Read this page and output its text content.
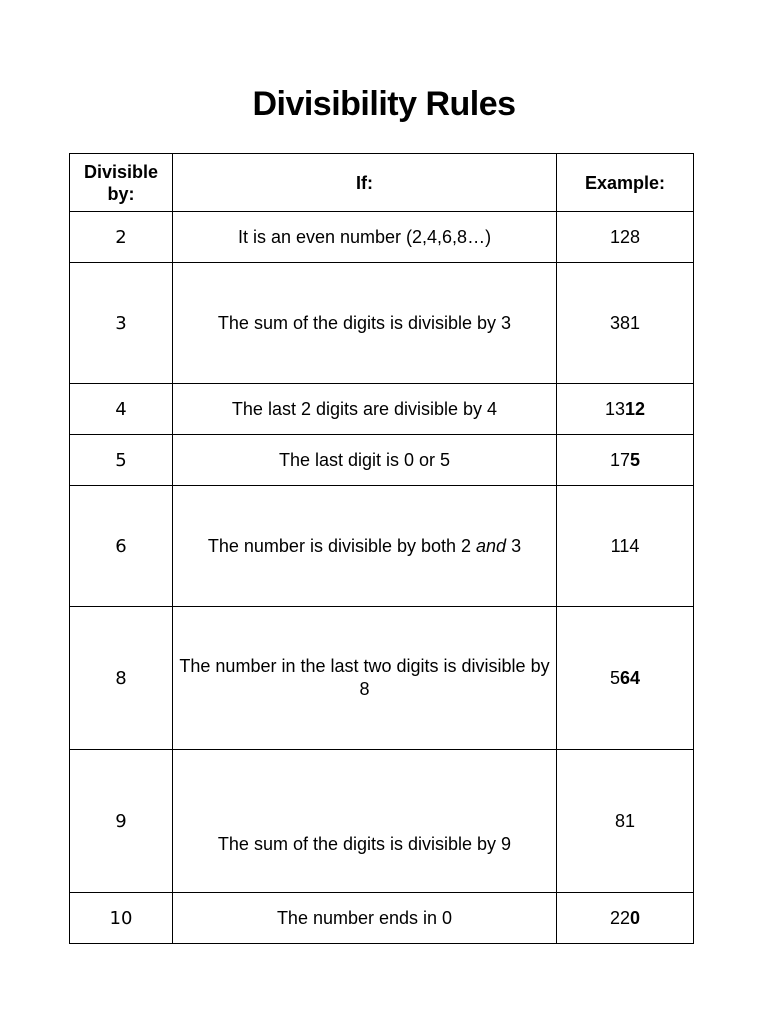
Divisibility Rules
Divisible by:	If:	Example:
2	It is an even number (2,4,6,8…)	128
3	The sum of the digits is divisible by 3	381
4	The last 2 digits are divisible by 4	1312
5	The last digit is 0 or 5	175
6	The number is divisible by both 2 and 3	114
8	The number in the last two digits is divisible by 8	564
9	The sum of the digits is divisible by 9	81
10	The number ends in 0	220
